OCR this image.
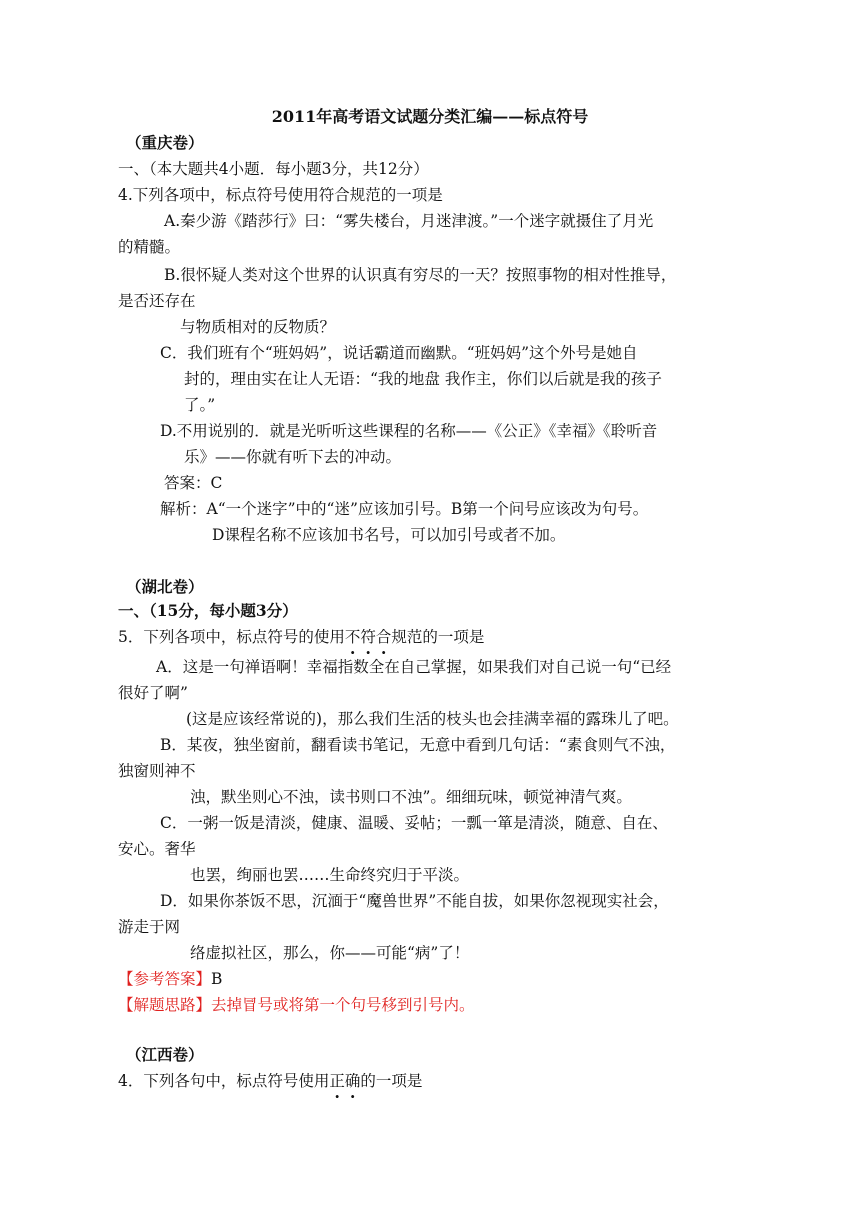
2011年高考语文试题分类汇编——标点符号
（重庆卷）
一、（本大题共4小题．每小题3分，共12分）
4.下列各项中，标点符号使用符合规范的一项是
A.秦少游《踏莎行》曰：“雾失楼台，月迷津渡。”一个迷字就摄住了月光
的精髓。
B.很怀疑人类对这个世界的认识真有穷尽的一天？按照事物的相对性推导，
是否还存在
与物质相对的反物质？
C．我们班有个“班妈妈”，说话霸道而幽默。“班妈妈”这个外号是她自
封的，理由实在让人无语：“我的地盘 我作主，你们以后就是我的孩子
了。”
D.不用说别的．就是光听听这些课程的名称——《公正》《幸福》《聆听音
乐》——你就有听下去的冲动。
答案：C
解析：A“一个迷字”中的“迷”应该加引号。B第一个问号应该改为句号。
D课程名称不应该加书名号，可以加引号或者不加。
（湖北卷）
一、（15分，每小题3分）
5．下列各项中，标点符号的使用不符合规范的一项是
A．这是一句禅语啊！幸福指数全在自己掌握，如果我们对自己说一句“已经
很好了啊”
(这是应该经常说的)，那么我们生活的枝头也会挂满幸福的露珠儿了吧。
B．某夜，独坐窗前，翻看读书笔记，无意中看到几句话：“素食则气不浊，
独窗则神不
浊，默坐则心不浊，读书则口不浊”。细细玩味，顿觉神清气爽。
C．一粥一饭是清淡，健康、温暖、妥帖；一瓢一箪是清淡，随意、自在、
安心。奢华
也罢，绚丽也罢……生命终究归于平淡。
D．如果你茶饭不思，沉湎于“魔兽世界”不能自拔，如果你忽视现实社会，
游走于网
络虚拟社区，那么，你——可能“病”了！
【参考答案】B
【解题思路】去掉冒号或将第一个句号移到引号内。
（江西卷）
4．下列各句中，标点符号使用正确的一项是
